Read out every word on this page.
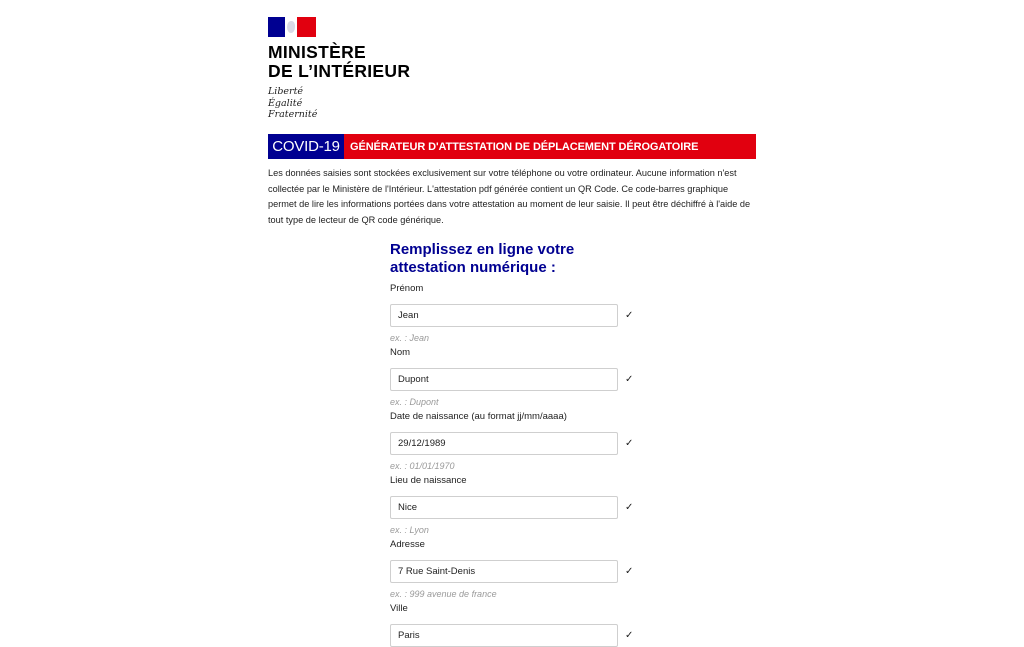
MINISTÈRE
DE L’INTÉRIEUR
Liberté
Égalité
Fraternité
COVID-19 GÉNÉRATEUR D'ATTESTATION DE DÉPLACEMENT DÉROGATOIRE

Les données saisies sont stockées exclusivement sur votre téléphone ou votre ordinateur. Aucune information n'est collectée par le Ministère de l'Intérieur. L'attestation pdf générée contient un QR Code. Ce code-barres graphique permet de lire les informations portées dans votre attestation au moment de leur saisie. Il peut être déchiffré à l'aide de tout type de lecteur de QR code générique.

Remplissez en ligne votre attestation numérique :
Prénom
Jean
✓
ex. : Jean
Nom
Dupont
✓
ex. : Dupont
Date de naissance (au format jj/mm/aaaa)
29/12/1989
✓
ex. : 01/01/1970
Lieu de naissance
Nice
✓
ex. : Lyon
Adresse
7 Rue Saint-Denis
✓
ex. : 999 avenue de france
Ville
Paris
✓
